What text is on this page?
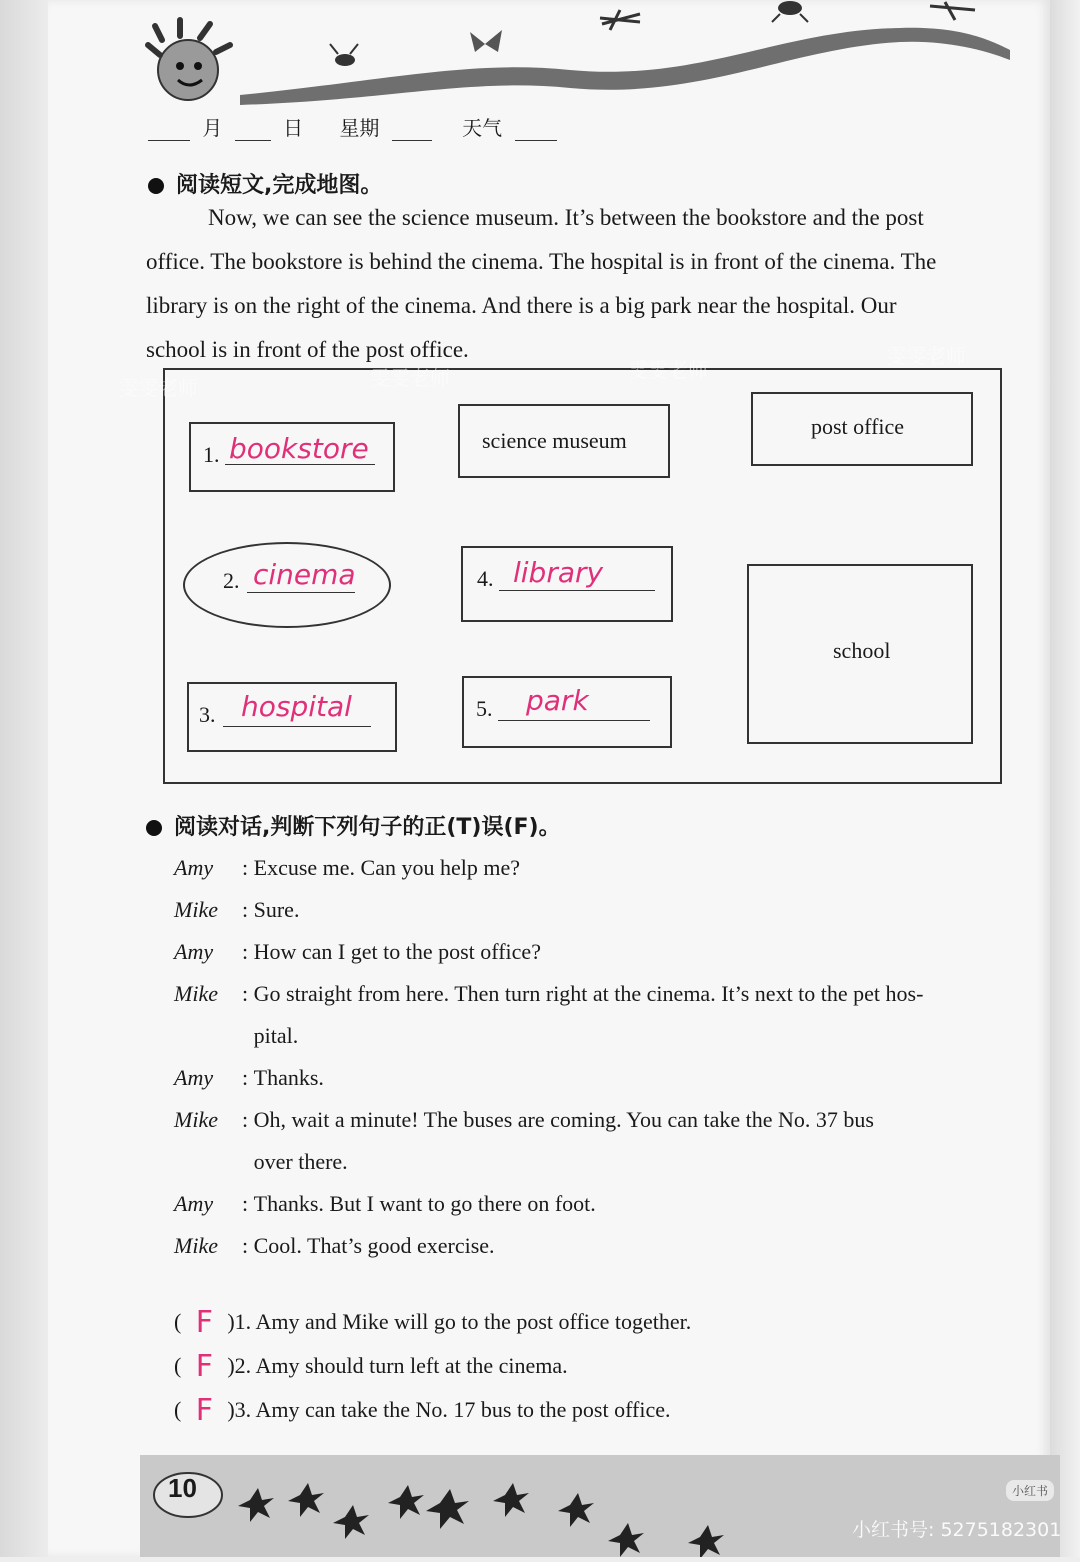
月	日 星期	天气
阅读短文,完成地图。
Now, we can see the science museum. It’s between the bookstore and the post
office. The bookstore is behind the cinema. The hospital is in front of the cinema. The
library is on the right of the cinema. And there is a big park near the hospital. Our
school is in front of the post office.
1. bookstore	science museum
post office
2. cinema	4. library
school
3. hospital	5. park
雯雯老师	雯雯老师	雯雯老师
雯雯老师
阅读对话,判断下列句子的正(T)误(F)。
Amy	: Excuse me. Can you help me?
Mike	: Sure.
Amy	: How can I get to the post office?
Mike	: Go straight from here. Then turn right at the cinema. It’s next to the pet hos-
pital.
Amy	: Thanks.
Mike	: Oh, wait a minute! The buses are coming. You can take the No. 37 bus
over there.
Amy	: Thanks. But I want to go there on foot.
Mike	: Cool. That’s good exercise.
( F )1. Amy and Mike will go to the post office together.
( F )2. Amy should turn left at the cinema.
( F )3. Amy can take the No. 17 bus to the post office.
10	小红书
小红书号: 5275182301
